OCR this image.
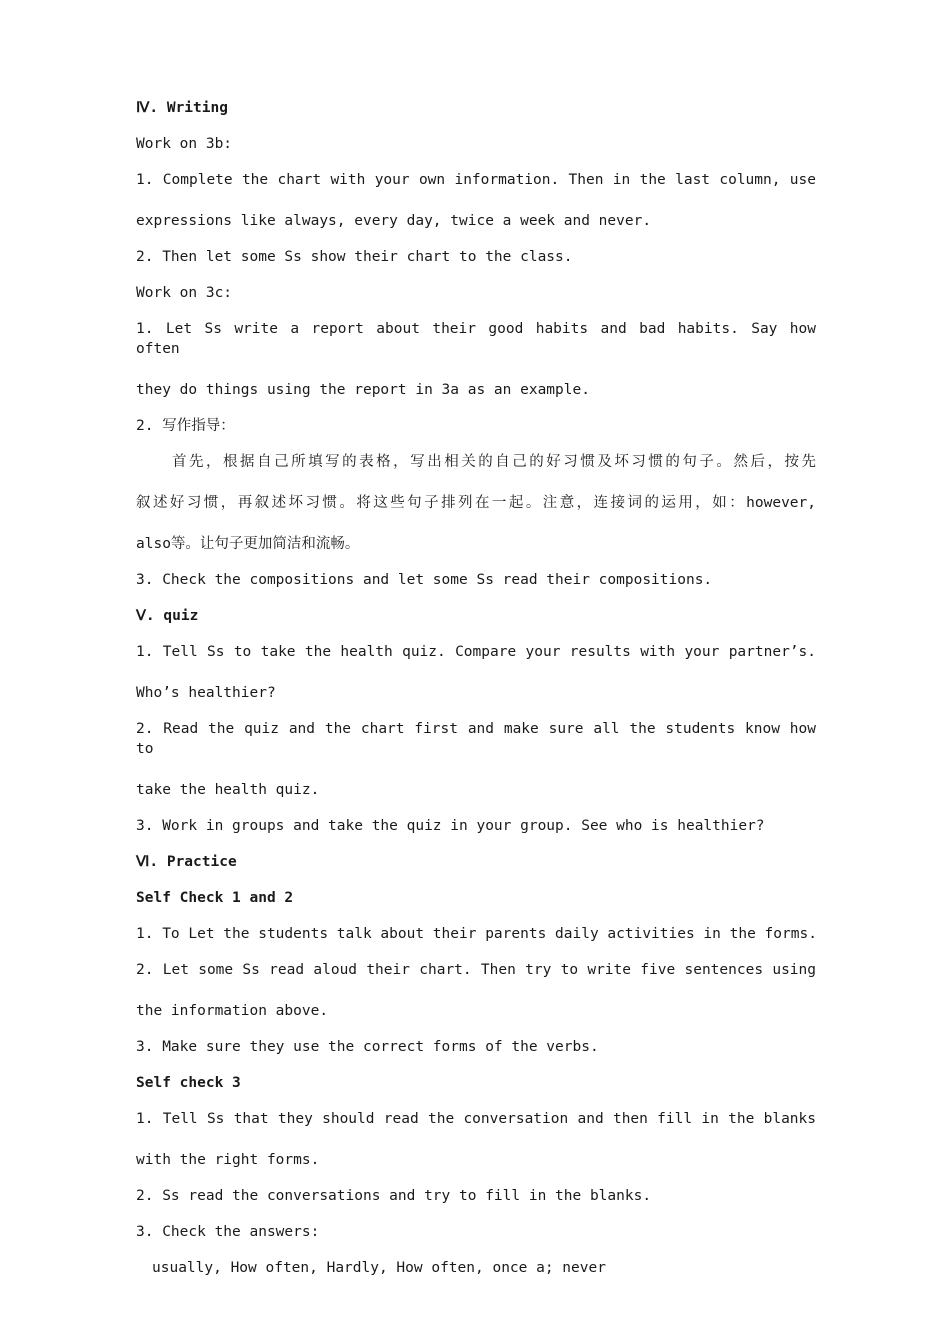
Ⅳ. Writing

Work on 3b:

1. Complete the chart with your own information. Then in the last column, use

expressions like always, every day, twice a week and never.

2. Then let some Ss show their chart to the class.

Work on 3c:

1. Let Ss write a report about their good habits and bad habits. Say how often

they do things using the report in 3a as an example.

2. 写作指导：

首先，根据自己所填写的表格，写出相关的自己的好习惯及坏习惯的句子。然后，按先

叙述好习惯，再叙述坏习惯。将这些句子排列在一起。注意，连接词的运用，如：however,

also等。让句子更加简洁和流畅。

3. Check the compositions and let some Ss read their compositions.

Ⅴ. quiz

1. Tell Ss to take the health quiz. Compare your results with your partner’s.

Who’s healthier?

2. Read the quiz and the chart first and make sure all the students know how to

take the health quiz.

3. Work in groups and take the quiz in your group. See who is healthier?

Ⅵ. Practice

Self Check 1 and 2

1. To Let the students talk about their parents daily activities in the forms.

2. Let some Ss read aloud their chart. Then try to write five sentences using

the information above.

3. Make sure they use the correct forms of the verbs.

Self check 3

1. Tell Ss that they should read the conversation and then fill in the blanks

with the right forms.

2. Ss read the conversations and try to fill in the blanks.

3. Check the answers:

usually, How often, Hardly, How often, once a; never
